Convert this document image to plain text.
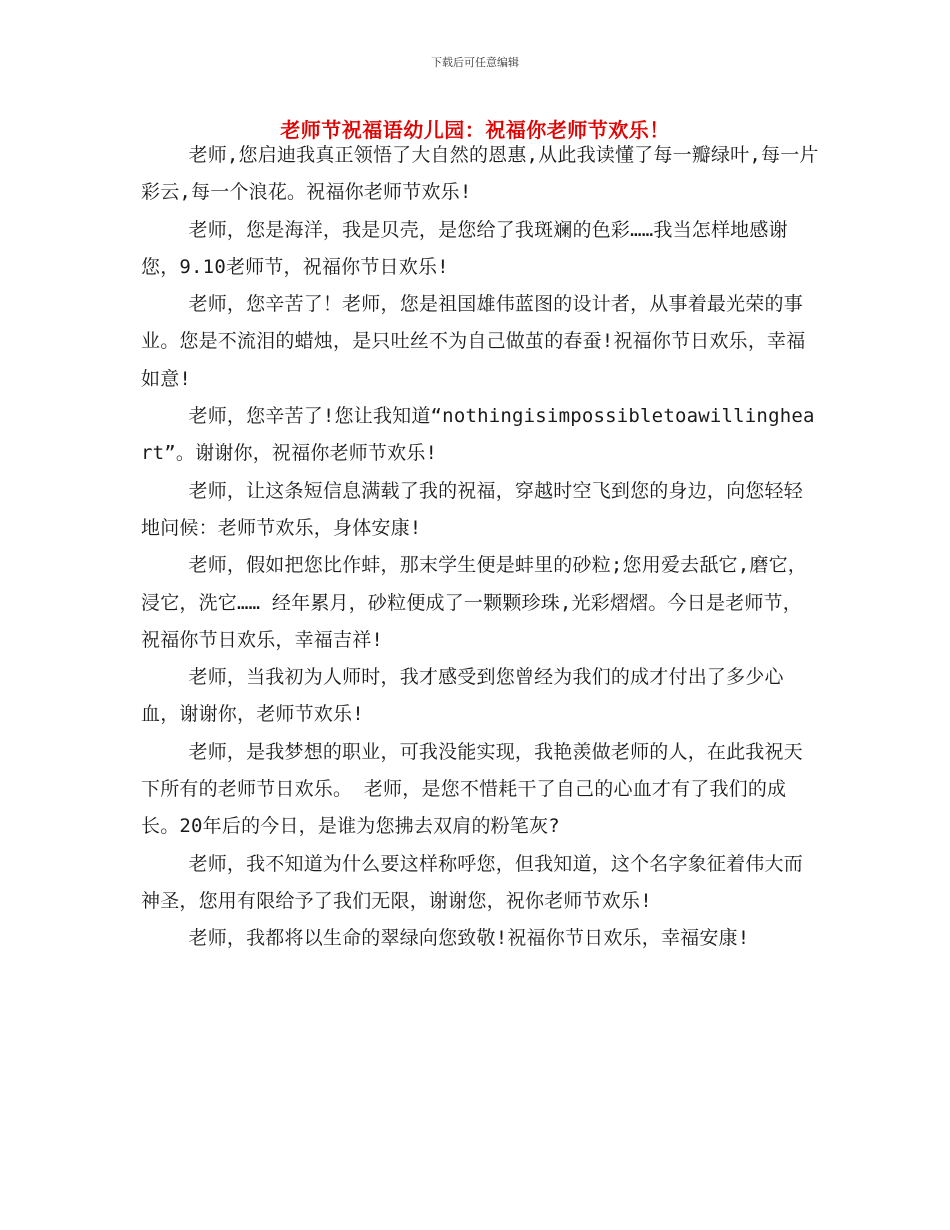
下载后可任意编辑
老师节祝福语幼儿园：祝福你老师节欢乐！

老师,您启迪我真正领悟了大自然的恩惠,从此我读懂了每一瓣绿叶,每一片彩云,每一个浪花。祝福你老师节欢乐!

老师，您是海洋，我是贝壳，是您给了我斑斓的色彩……我当怎样地感谢您，9.10老师节，祝福你节日欢乐!

老师，您辛苦了！老师，您是祖国雄伟蓝图的设计者，从事着最光荣的事业。您是不流泪的蜡烛，是只吐丝不为自己做茧的春蚕!祝福你节日欢乐，幸福如意!

老师，您辛苦了!您让我知道“nothingisimpossibletoawillingheart”。谢谢你，祝福你老师节欢乐!

老师，让这条短信息满载了我的祝福，穿越时空飞到您的身边，向您轻轻地问候：老师节欢乐，身体安康!

老师，假如把您比作蚌，那末学生便是蚌里的砂粒;您用爱去舐它,磨它，浸它，洗它…… 经年累月，砂粒便成了一颗颗珍珠,光彩熠熠。今日是老师节，祝福你节日欢乐，幸福吉祥!

老师，当我初为人师时，我才感受到您曾经为我们的成才付出了多少心血，谢谢你，老师节欢乐!

老师，是我梦想的职业，可我没能实现，我艳羡做老师的人，在此我祝天下所有的老师节日欢乐。 老师，是您不惜耗干了自己的心血才有了我们的成长。20年后的今日，是谁为您拂去双肩的粉笔灰?

老师，我不知道为什么要这样称呼您，但我知道，这个名字象征着伟大而神圣，您用有限给予了我们无限，谢谢您，祝你老师节欢乐!

老师，我都将以生命的翠绿向您致敬!祝福你节日欢乐，幸福安康!
